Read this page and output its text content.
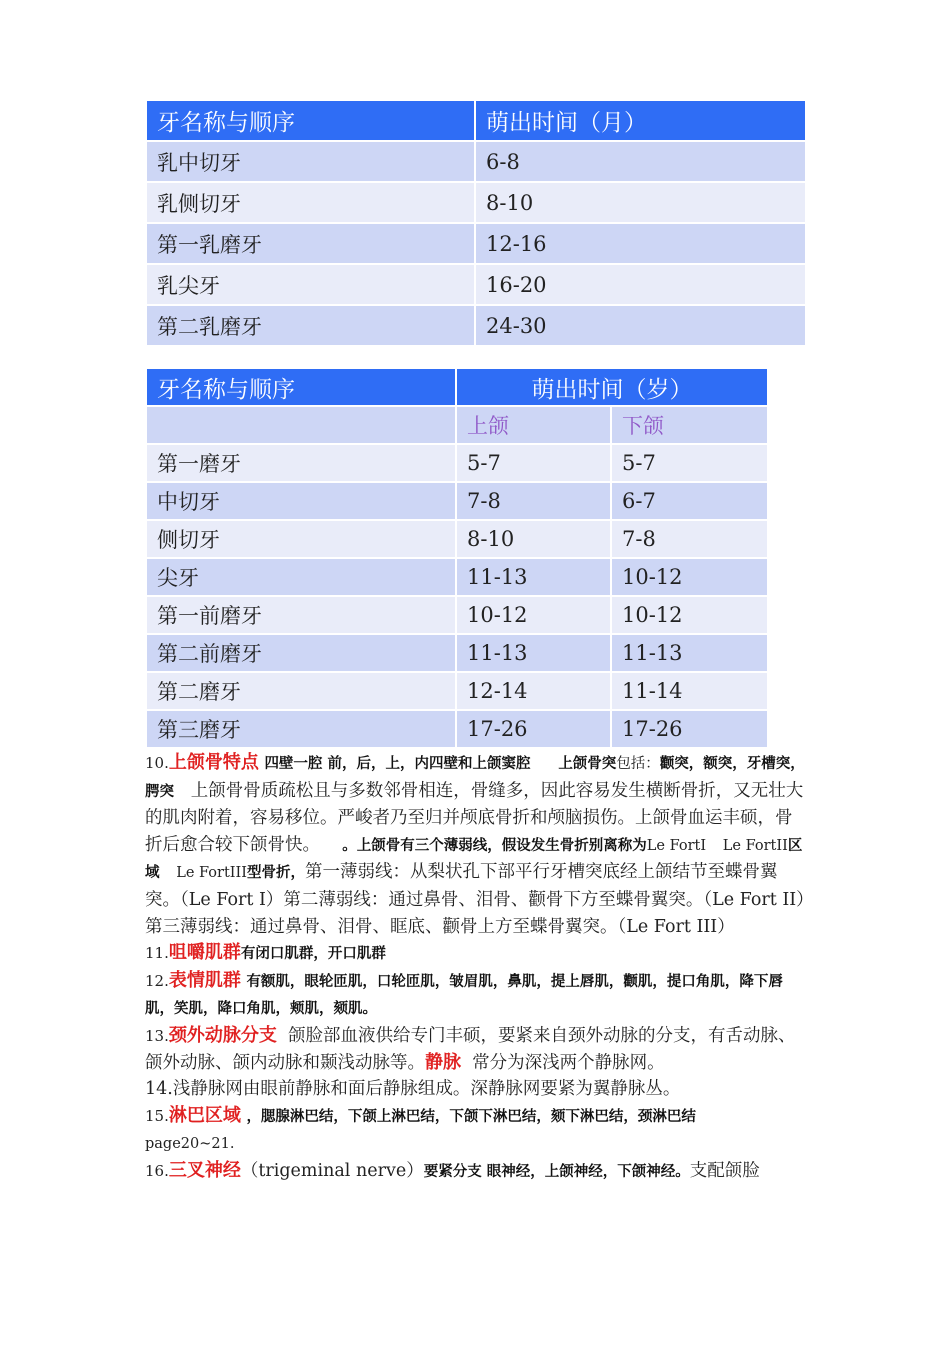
牙名称与顺序	萌出时间（月）
乳中切牙	6-8
乳侧切牙	8-10
第一乳磨牙	12-16
乳尖牙	16-20
第二乳磨牙	24-30
牙名称与顺序	萌出时间（岁）	
	上颌	下颌
第一磨牙	5-7	5-7
中切牙	7-8	6-7
侧切牙	8-10	7-8
尖牙	11-13	10-12
第一前磨牙	10-12	10-12
第二前磨牙	11-13	11-13
第二磨牙	12-14	11-14
第三磨牙	17-26	17-26

10.上颌骨特点 四壁一腔 前，后，上，内四壁和上颌窦腔 上颌骨突包括：颧突，额突，牙槽突，腭突 上颌骨骨质疏松且与多数邻骨相连，骨缝多，因此容易发生横断骨折，又无壮大的肌肉附着，容易移位。严峻者乃至归并颅底骨折和颅脑损伤。上颌骨血运丰硕，骨折后愈合较下颌骨快。 。上颌骨有三个薄弱线，假设发生骨折别离称为Le FortI Le FortII区域 Le FortIII型骨折，第一薄弱线：从梨状孔下部平行牙槽突底经上颌结节至蝶骨翼突。（Le Fort I）第二薄弱线：通过鼻骨、泪骨、颧骨下方至蝶骨翼突。（Le Fort II）第三薄弱线：通过鼻骨、泪骨、眶底、颧骨上方至蝶骨翼突。（Le Fort III）

11.咀嚼肌群有闭口肌群，开口肌群

12.表情肌群 有额肌，眼轮匝肌，口轮匝肌，皱眉肌，鼻肌，提上唇肌，颧肌，提口角肌，降下唇肌，笑肌，降口角肌，颊肌，颏肌。

13.颈外动脉分支 颌脸部血液供给专门丰硕，要紧来自颈外动脉的分支，有舌动脉、颌外动脉、颌内动脉和颞浅动脉等。静脉 常分为深浅两个静脉网。

14.浅静脉网由眼前静脉和面后静脉组成。深静脉网要紧为翼静脉丛。

15.淋巴区域 ，腮腺淋巴结，下颌上淋巴结，下颌下淋巴结，颏下淋巴结，颈淋巴结
page20~21.

16.三叉神经（trigeminal nerve）要紧分支 眼神经，上颌神经，下颌神经。支配颌脸
